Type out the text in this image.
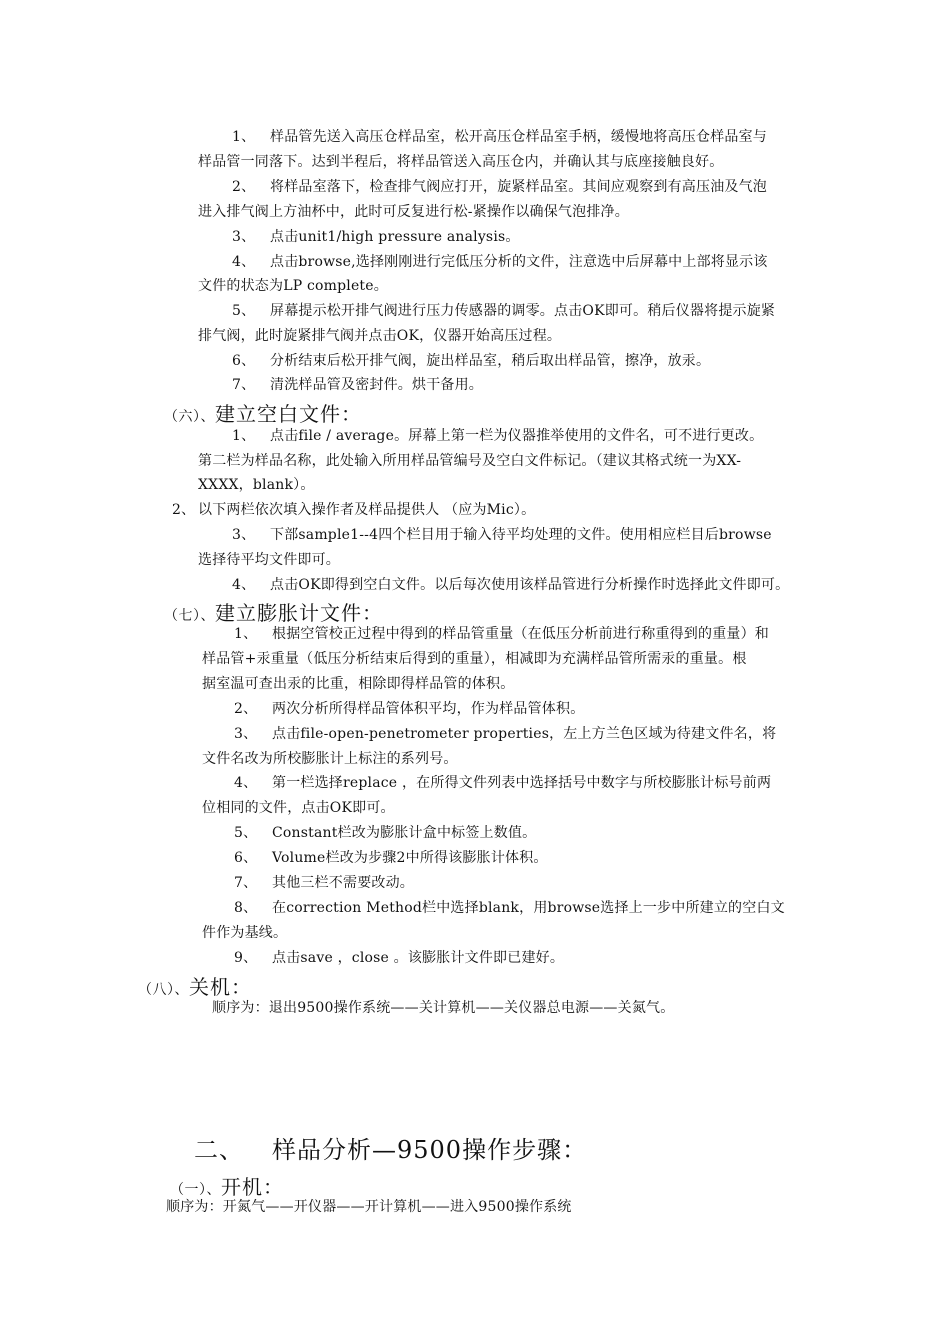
1、 样品管先送入高压仓样品室，松开高压仓样品室手柄，缓慢地将高压仓样品室与
样品管一同落下。达到半程后，将样品管送入高压仓内，并确认其与底座接触良好。
2、 将样品室落下，检查排气阀应打开，旋紧样品室。其间应观察到有高压油及气泡
进入排气阀上方油杯中，此时可反复进行松-紧操作以确保气泡排净。
3、 点击unit1/high pressure analysis。
4、 点击browse,选择刚刚进行完低压分析的文件，注意选中后屏幕中上部将显示该
文件的状态为LP complete。
5、 屏幕提示松开排气阀进行压力传感器的调零。点击OK即可。稍后仪器将提示旋紧
排气阀，此时旋紧排气阀并点击OK，仪器开始高压过程。
6、 分析结束后松开排气阀，旋出样品室，稍后取出样品管，擦净，放汞。
7、 清洗样品管及密封件。烘干备用。
（六）、建立空白文件：
1、 点击file / average。屏幕上第一栏为仪器推举使用的文件名，可不进行更改。
第二栏为样品名称，此处输入所用样品管编号及空白文件标记。（建议其格式统一为XX-
XXXX，blank）。
2、 以下两栏依次填入操作者及样品提供人 （应为Mic）。
3、 下部sample1--4四个栏目用于输入待平均处理的文件。使用相应栏目后browse
选择待平均文件即可。
4、 点击OK即得到空白文件。以后每次使用该样品管进行分析操作时选择此文件即可。
（七）、建立膨胀计文件：
1、 根据空管校正过程中得到的样品管重量（在低压分析前进行称重得到的重量）和
样品管+汞重量（低压分析结束后得到的重量），相减即为充满样品管所需汞的重量。根
据室温可查出汞的比重，相除即得样品管的体积。
2、 两次分析所得样品管体积平均，作为样品管体积。
3、 点击file-open-penetrometer properties，左上方兰色区域为待建文件名，将
文件名改为所校膨胀计上标注的系列号。
4、 第一栏选择replace ，在所得文件列表中选择括号中数字与所校膨胀计标号前两
位相同的文件，点击OK即可。
5、 Constant栏改为膨胀计盒中标签上数值。
6、 Volume栏改为步骤2中所得该膨胀计体积。
7、 其他三栏不需要改动。
8、 在correction Method栏中选择blank，用browse选择上一步中所建立的空白文
件作为基线。
9、 点击save ，close 。该膨胀计文件即已建好。
（八）、关机：
顺序为：退出9500操作系统——关计算机——关仪器总电源——关氮气。
二、 样品分析—9500操作步骤：
（一）、开机：
顺序为：开氮气——开仪器——开计算机——进入9500操作系统
